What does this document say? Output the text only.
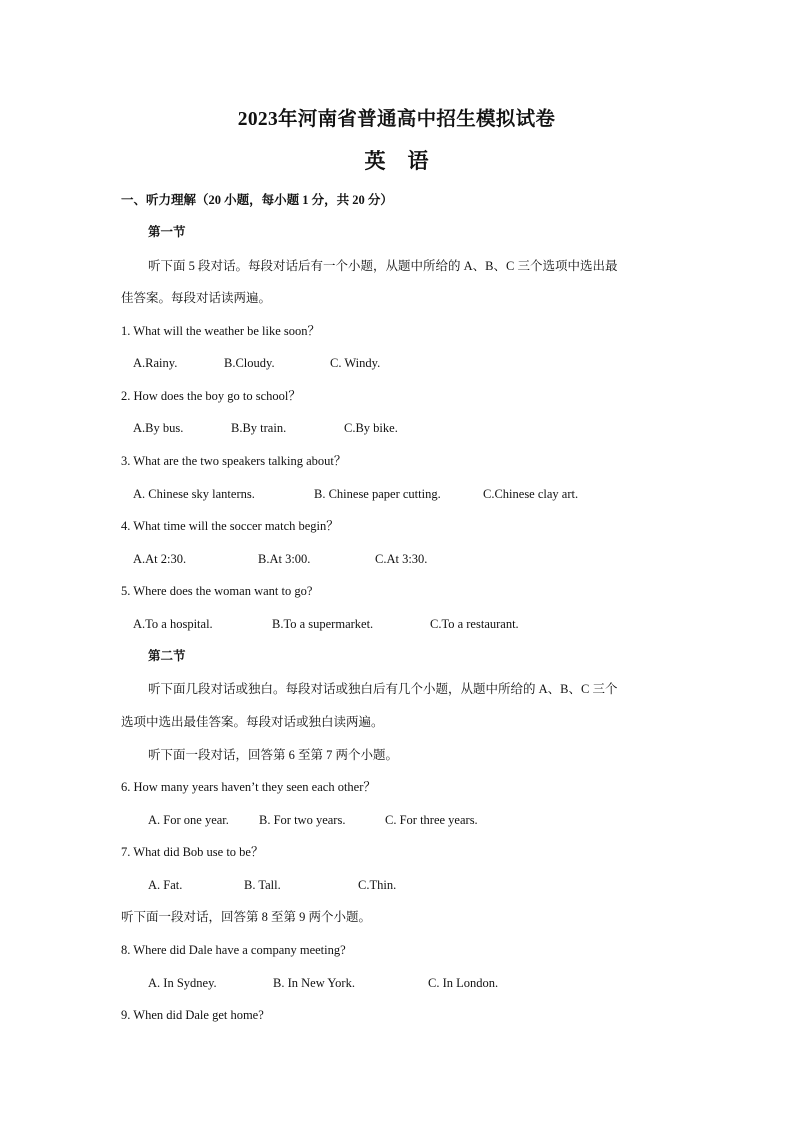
2023年河南省普通高中招生模拟试卷
英 语
一、听力理解（20 小题，每小题 1 分，共 20 分）
第一节
听下面 5 段对话。每段对话后有一个小题，从题中所给的 A、B、C 三个选项中选出最
佳答案。每段对话读两遍。
1. What will the weather be like soon？
A.Rainy.	B.Cloudy.	C. Windy.
2. How does the boy go to school？
A.By bus.	B.By train.	C.By bike.
3. What are the two speakers talking about？
A. Chinese sky lanterns.	B. Chinese paper cutting.	C.Chinese clay art.
4. What time will the soccer match begin？
A.At 2:30.	B.At 3:00.	C.At 3:30.
5. Where does the woman want to go?
A.To a hospital.	B.To a supermarket.	C.To a restaurant.
第二节
听下面几段对话或独白。每段对话或独白后有几个小题，从题中所给的 A、B、C 三个
选项中选出最佳答案。每段对话或独白读两遍。
听下面一段对话，回答第 6 至第 7 两个小题。
6. How many years haven’t they seen each other？
A. For one year. B. For two years.	C. For three years.
7. What did Bob use to be？
A. Fat.	B. Tall.	C.Thin.
听下面一段对话，回答第 8 至第 9 两个小题。
8. Where did Dale have a company meeting?
A. In Sydney.	B. In New York.	C. In London.
9. When did Dale get home?
